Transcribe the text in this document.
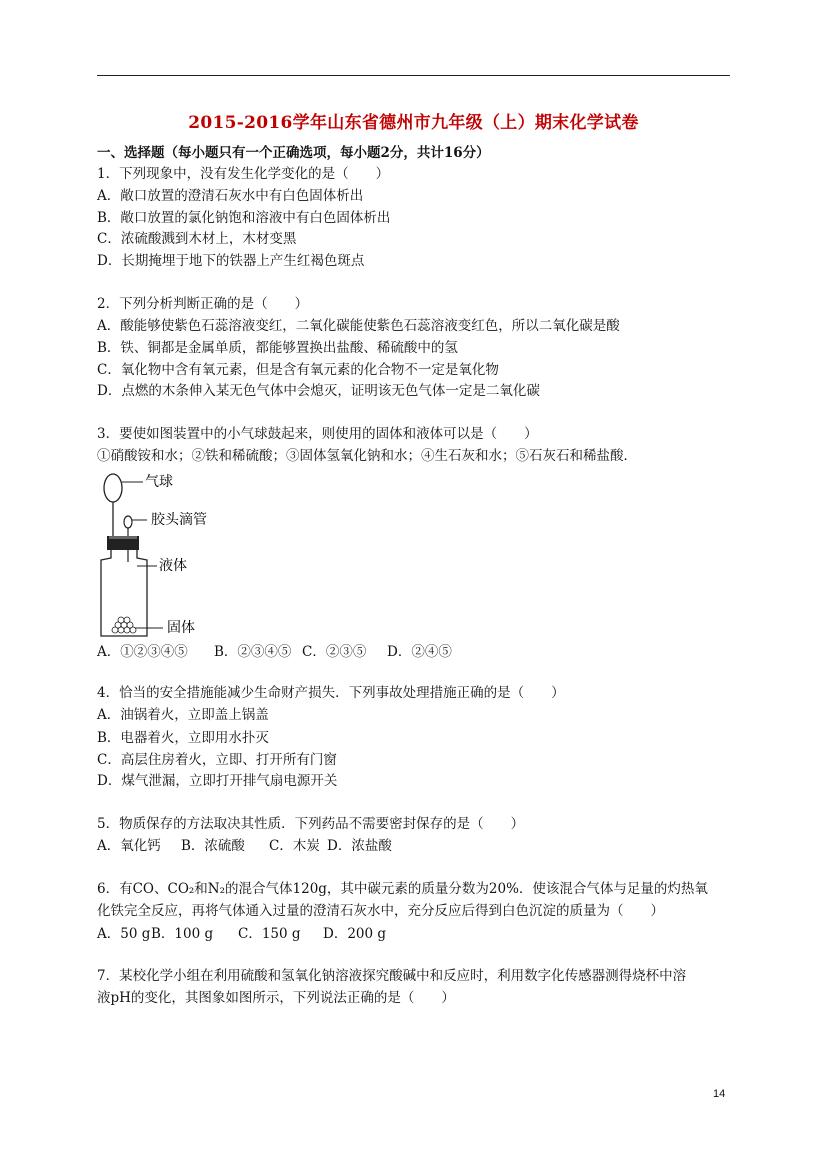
2015-2016学年山东省德州市九年级（上）期末化学试卷
一、选择题（每小题只有一个正确选项，每小题2分，共计16分）
1．下列现象中，没有发生化学变化的是（　　）
A．敞口放置的澄清石灰水中有白色固体析出
B．敞口放置的氯化钠饱和溶液中有白色固体析出
C．浓硫酸溅到木材上，木材变黑
D．长期掩埋于地下的铁器上产生红褐色斑点
2．下列分析判断正确的是（　　）
A．酸能够使紫色石蕊溶液变红，二氧化碳能使紫色石蕊溶液变红色，所以二氧化碳是酸
B．铁、铜都是金属单质，都能够置换出盐酸、稀硫酸中的氢
C．氧化物中含有氧元素，但是含有氧元素的化合物不一定是氧化物
D．点燃的木条伸入某无色气体中会熄灭，证明该无色气体一定是二氧化碳
3．要使如图装置中的小气球鼓起来，则使用的固体和液体可以是（　　）
①硝酸铵和水；②铁和稀硫酸；③固体氢氧化钠和水；④生石灰和水；⑤石灰石和稀盐酸．
气球
胶头滴管
液体
固体
A．①②③④⑤ B．②③④⑤ C．②③⑤ D．②④⑤
4．恰当的安全措施能减少生命财产损失．下列事故处理措施正确的是（　　）
A．油锅着火，立即盖上锅盖
B．电器着火，立即用水扑灭
C．高层住房着火，立即、打开所有门窗
D．煤气泄漏，立即打开排气扇电源开关
5．物质保存的方法取决其性质．下列药品不需要密封保存的是（　　）
A．氧化钙 B．浓硫酸 C．木炭 D．浓盐酸
6．有CO、CO₂和N₂的混合气体120g，其中碳元素的质量分数为20%．使该混合气体与足量的灼热氧
化铁完全反应，再将气体通入过量的澄清石灰水中，充分反应后得到白色沉淀的质量为（　　）
A．50 gB．100 g C．150 g D．200 g
7．某校化学小组在利用硫酸和氢氧化钠溶液探究酸碱中和反应时，利用数字化传感器测得烧杯中溶
液pH的变化，其图象如图所示，下列说法正确的是（　　）
14
